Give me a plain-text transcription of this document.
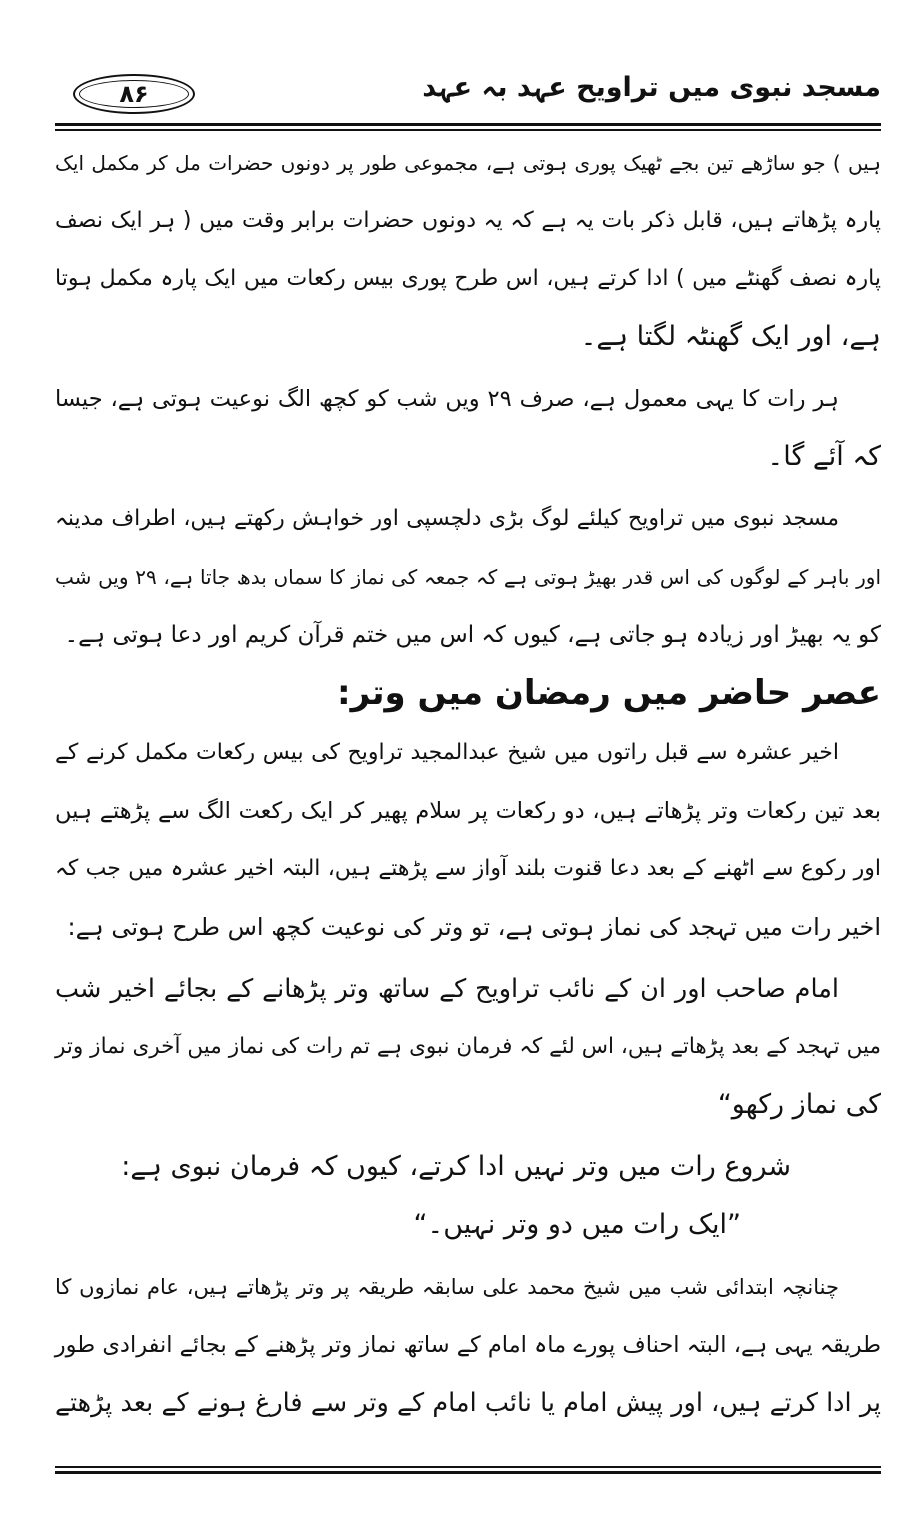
مسجد نبوی میں تراویح عہد بہ عہد
۸۶
ہیں ) جو ساڑھے تین بجے ٹھیک پوری ہوتی ہے، مجموعی طور پر دونوں حضرات مل کر مکمل ایک
پارہ پڑھاتے ہیں، قابل ذکر بات یہ ہے کہ یہ دونوں حضرات برابر وقت میں ( ہر ایک نصف
پارہ نصف گھنٹے میں ) ادا کرتے ہیں، اس طرح پوری بیس رکعات میں ایک پارہ مکمل ہوتا
ہے، اور ایک گھنٹہ لگتا ہے۔
ہر رات کا یہی معمول ہے، صرف ۲۹ ویں شب کو کچھ الگ نوعیت ہوتی ہے، جیسا
کہ آئے گا۔
مسجد نبوی میں تراویح کیلئے لوگ بڑی دلچسپی اور خواہش رکھتے ہیں، اطراف مدینہ
اور باہر کے لوگوں کی اس قدر بھیڑ ہوتی ہے کہ جمعہ کی نماز کا سماں بدھ جاتا ہے، ۲۹ ویں شب
کو یہ بھیڑ اور زیادہ ہو جاتی ہے، کیوں کہ اس میں ختم قرآن کریم اور دعا ہوتی ہے۔
عصر حاضر میں رمضان میں وتر:
اخیر عشرہ سے قبل راتوں میں شیخ عبدالمجید تراویح کی بیس رکعات مکمل کرنے کے
بعد تین رکعات وتر پڑھاتے ہیں، دو رکعات پر سلام پھیر کر ایک رکعت الگ سے پڑھتے ہیں
اور رکوع سے اٹھنے کے بعد دعا قنوت بلند آواز سے پڑھتے ہیں، البتہ اخیر عشرہ میں جب کہ
اخیر رات میں تہجد کی نماز ہوتی ہے، تو وتر کی نوعیت کچھ اس طرح ہوتی ہے:
امام صاحب اور ان کے نائب تراویح کے ساتھ وتر پڑھانے کے بجائے اخیر شب
میں تہجد کے بعد پڑھاتے ہیں، اس لئے کہ فرمان نبوی ہے تم رات کی نماز میں آخری نماز وتر
کی نماز رکھو“
شروع رات میں وتر نہیں ادا کرتے، کیوں کہ فرمان نبوی ہے:
”ایک رات میں دو وتر نہیں۔“
چنانچہ ابتدائی شب میں شیخ محمد علی سابقہ طریقہ پر وتر پڑھاتے ہیں، عام نمازوں کا
طریقہ یہی ہے، البتہ احناف پورے ماہ امام کے ساتھ نماز وتر پڑھنے کے بجائے انفرادی طور
پر ادا کرتے ہیں، اور پیش امام یا نائب امام کے وتر سے فارغ ہونے کے بعد پڑھتے
